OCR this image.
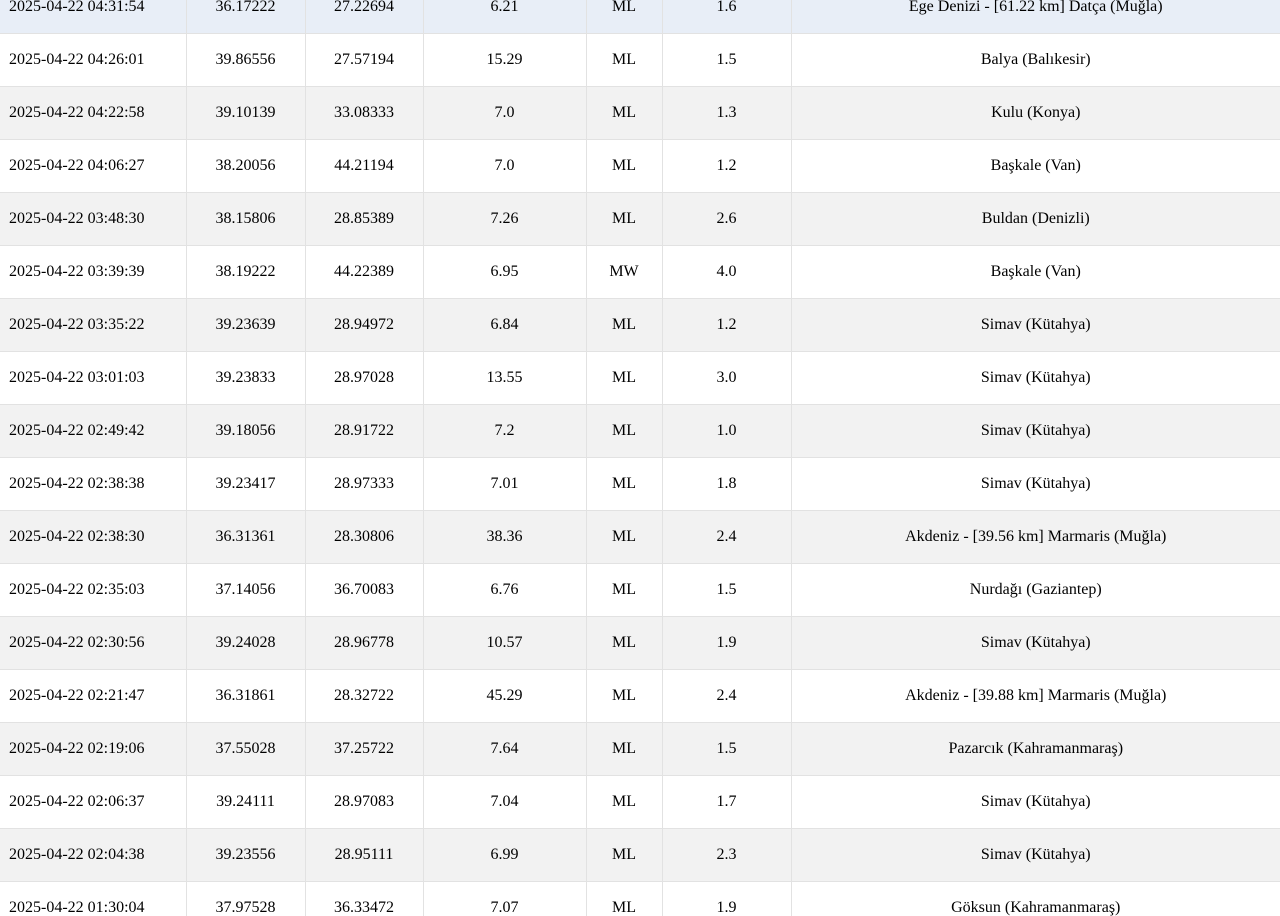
2025-04-22 04:31:54	36.17222	27.22694	6.21	ML	1.6	Ege Denizi - [61.22 km] Datça (Muğla)
2025-04-22 04:26:01	39.86556	27.57194	15.29	ML	1.5	Balya (Balıkesir)
2025-04-22 04:22:58	39.10139	33.08333	7.0	ML	1.3	Kulu (Konya)
2025-04-22 04:06:27	38.20056	44.21194	7.0	ML	1.2	Başkale (Van)
2025-04-22 03:48:30	38.15806	28.85389	7.26	ML	2.6	Buldan (Denizli)
2025-04-22 03:39:39	38.19222	44.22389	6.95	MW	4.0	Başkale (Van)
2025-04-22 03:35:22	39.23639	28.94972	6.84	ML	1.2	Simav (Kütahya)
2025-04-22 03:01:03	39.23833	28.97028	13.55	ML	3.0	Simav (Kütahya)
2025-04-22 02:49:42	39.18056	28.91722	7.2	ML	1.0	Simav (Kütahya)
2025-04-22 02:38:38	39.23417	28.97333	7.01	ML	1.8	Simav (Kütahya)
2025-04-22 02:38:30	36.31361	28.30806	38.36	ML	2.4	Akdeniz - [39.56 km] Marmaris (Muğla)
2025-04-22 02:35:03	37.14056	36.70083	6.76	ML	1.5	Nurdağı (Gaziantep)
2025-04-22 02:30:56	39.24028	28.96778	10.57	ML	1.9	Simav (Kütahya)
2025-04-22 02:21:47	36.31861	28.32722	45.29	ML	2.4	Akdeniz - [39.88 km] Marmaris (Muğla)
2025-04-22 02:19:06	37.55028	37.25722	7.64	ML	1.5	Pazarcık (Kahramanmaraş)
2025-04-22 02:06:37	39.24111	28.97083	7.04	ML	1.7	Simav (Kütahya)
2025-04-22 02:04:38	39.23556	28.95111	6.99	ML	2.3	Simav (Kütahya)
2025-04-22 01:30:04	37.97528	36.33472	7.07	ML	1.9	Göksun (Kahramanmaraş)
